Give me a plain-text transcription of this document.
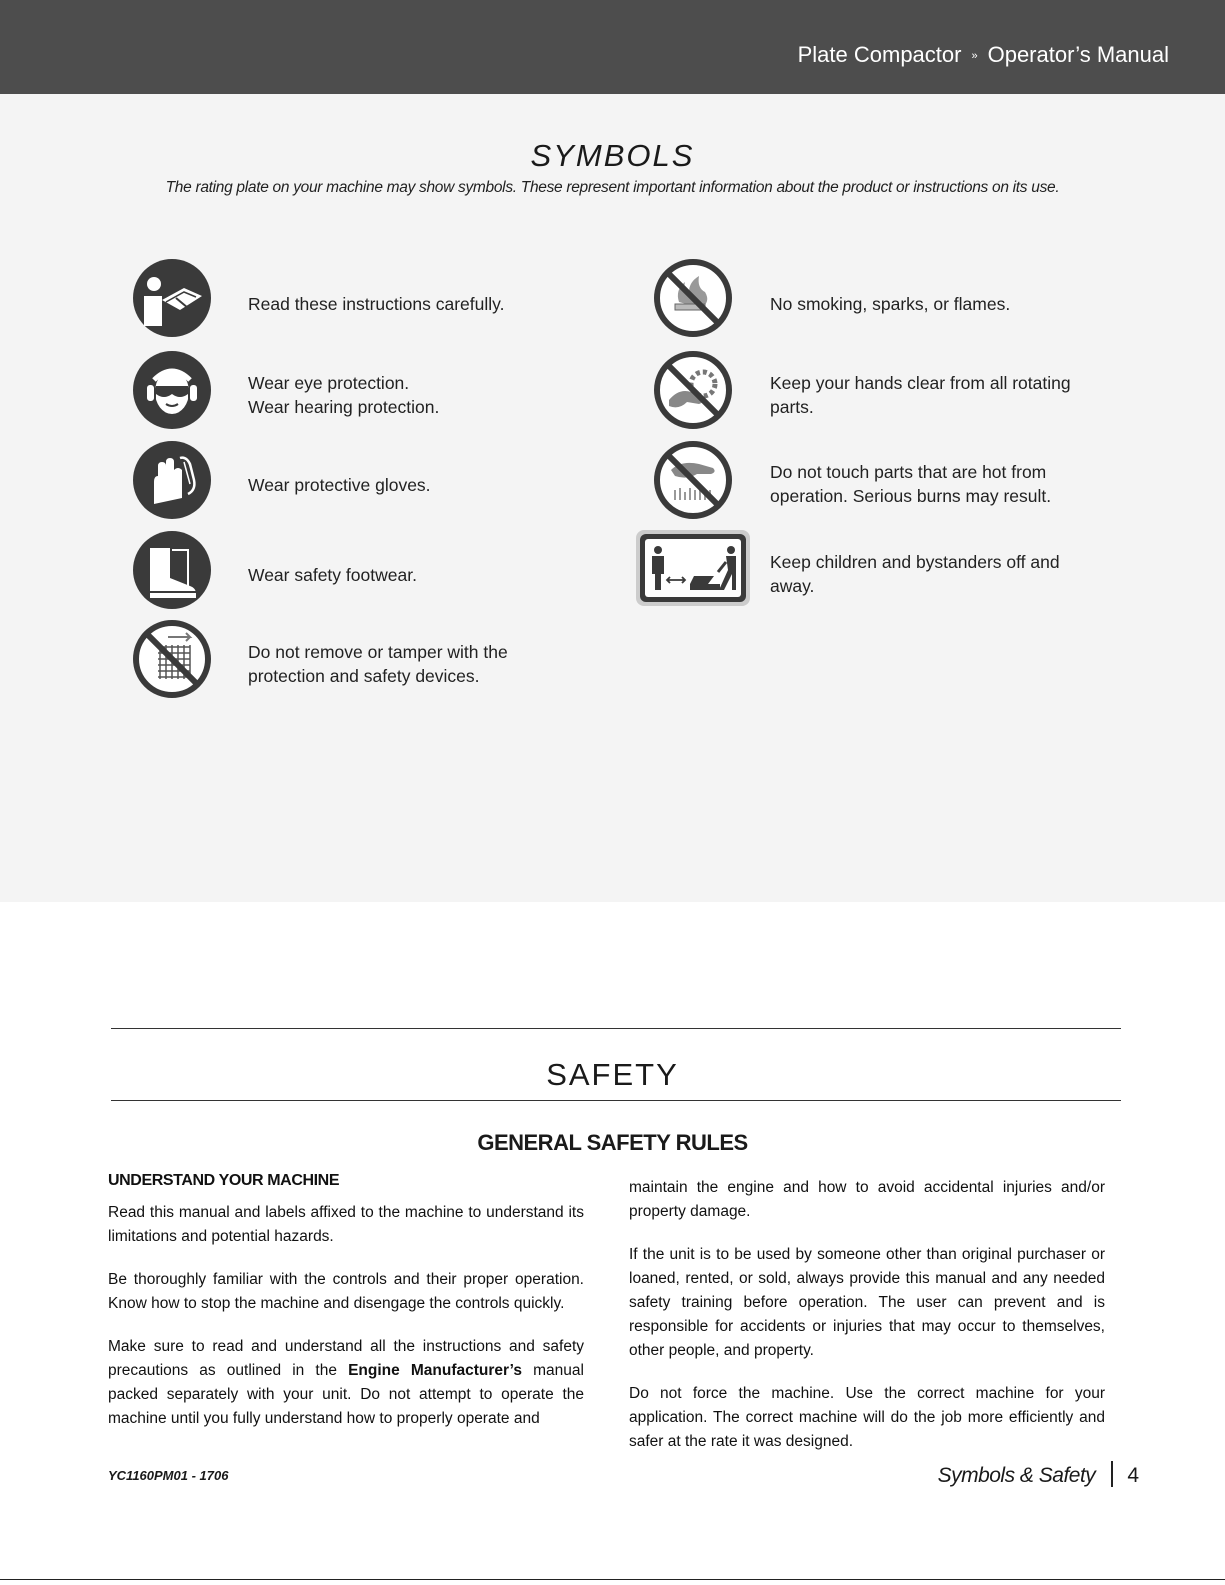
Plate Compactor » Operator’s Manual
SYMBOLS
The rating plate on your machine may show symbols. These represent important information about the product or instructions on its use.
Read these instructions carefully.
Wear eye protection.
Wear hearing protection.
Wear protective gloves.
Wear safety footwear.
Do not remove or tamper with the
protection and safety devices.
No smoking, sparks, or flames.
Keep your hands clear from all rotating
parts.
Do not touch parts that are hot from
operation. Serious burns may result.
Keep children and bystanders off and
away.
SAFETY
GENERAL SAFETY RULES
UNDERSTAND YOUR MACHINE

Read this manual and labels affixed to the machine to understand its limitations and potential hazards.

Be thoroughly familiar with the controls and their proper operation. Know how to stop the machine and disengage the controls quickly.

Make sure to read and understand all the instructions and safety precautions as outlined in the Engine Manufacturer’s manual packed separately with your unit. Do not attempt to operate the machine until you fully understand how to properly operate and

maintain the engine and how to avoid accidental injuries and/or property damage.

If the unit is to be used by someone other than original purchaser or loaned, rented, or sold, always provide this manual and any needed safety training before operation. The user can prevent and is responsible for accidents or injuries that may occur to themselves, other people, and property.

Do not force the machine. Use the correct machine for your application. The correct machine will do the job more efficiently and safer at the rate it was designed.

YC1160PM01 - 1706	Symbols & Safety 4
